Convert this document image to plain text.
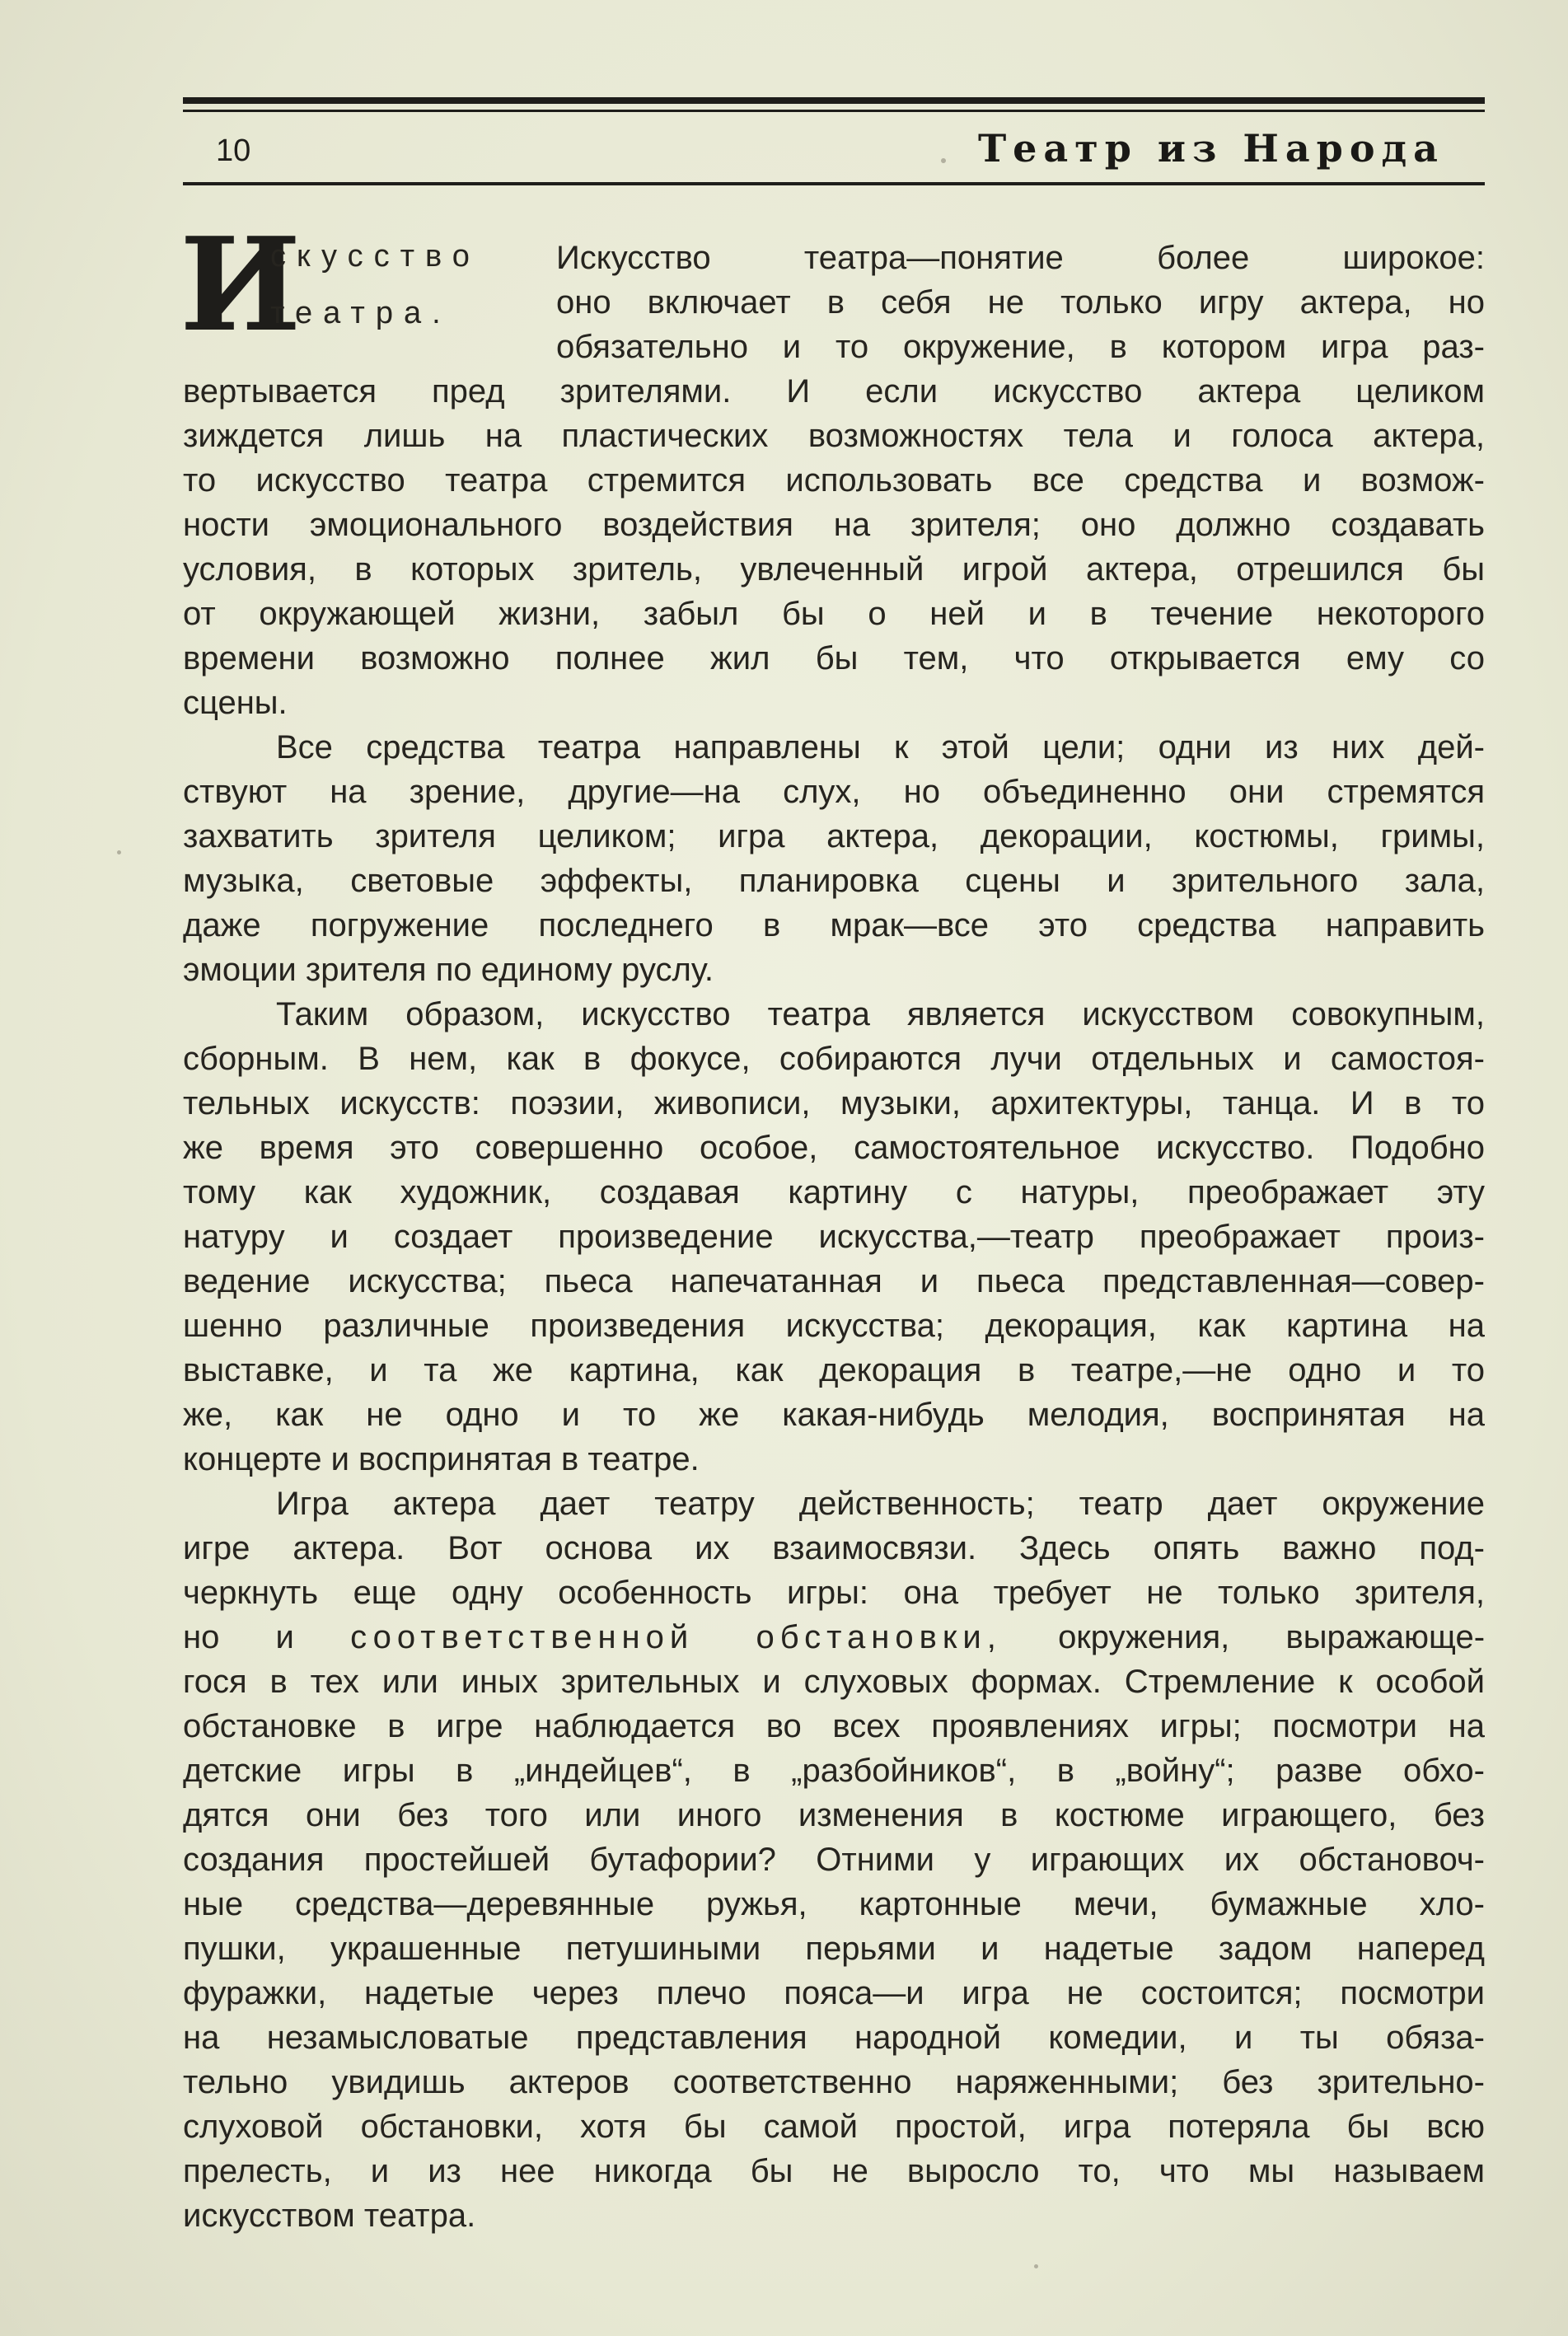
10	Театр из Народа
И
скусство
театра.
Искусство театра—понятие более широкое:
оно включает в себя не только игру актера, но
обязательно и то окружение, в котором игра раз-
вертывается пред зрителями. И если искусство актера целиком
зиждется лишь на пластических возможностях тела и голоса актера,
то искусство театра стремится использовать все средства и возмож-
ности эмоционального воздействия на зрителя; оно должно создавать
условия, в которых зритель, увлеченный игрой актера, отрешился бы
от окружающей жизни, забыл бы о ней и в течение некоторого
времени возможно полнее жил бы тем, что открывается ему со
сцены.
Все средства театра направлены к этой цели; одни из них дей-
ствуют на зрение, другие—на слух, но объединенно они стремятся
захватить зрителя целиком; игра актера, декорации, костюмы, гримы,
музыка, световые эффекты, планировка сцены и зрительного зала,
даже погружение последнего в мрак—все это средства направить
эмоции зрителя по единому руслу.
Таким образом, искусство театра является искусством совокупным,
сборным. В нем, как в фокусе, собираются лучи отдельных и самостоя-
тельных искусств: поэзии, живописи, музыки, архитектуры, танца. И в то
же время это совершенно особое, самостоятельное искусство. Подобно
тому как художник, создавая картину с натуры, преображает эту
натуру и создает произведение искусства,—театр преображает произ-
ведение искусства; пьеса напечатанная и пьеса представленная—совер-
шенно различные произведения искусства; декорация, как картина на
выставке, и та же картина, как декорация в театре,—не одно и то
же, как не одно и то же какая-нибудь мелодия, воспринятая на
концерте и воспринятая в театре.
Игра актера дает театру действенность; театр дает окружение
игре актера. Вот основа их взаимосвязи. Здесь опять важно под-
черкнуть еще одну особенность игры: она требует не только зрителя,
но и соответственной обстановки, окружения, выражающе-
гося в тех или иных зрительных и слуховых формах. Стремление к особой
обстановке в игре наблюдается во всех проявлениях игры; посмотри на
детские игры в „индейцев“, в „разбойников“, в „войну“; разве обхо-
дятся они без того или иного изменения в костюме играющего, без
создания простейшей бутафории? Отними у играющих их обстановоч-
ные средства—деревянные ружья, картонные мечи, бумажные хло-
пушки, украшенные петушиными перьями и надетые задом наперед
фуражки, надетые через плечо пояса—и игра не состоится; посмотри
на незамысловатые представления народной комедии, и ты обяза-
тельно увидишь актеров соответственно наряженными; без зрительно-
слуховой обстановки, хотя бы самой простой, игра потеряла бы всю
прелесть, и из нее никогда бы не выросло то, что мы называем
искусством театра.
